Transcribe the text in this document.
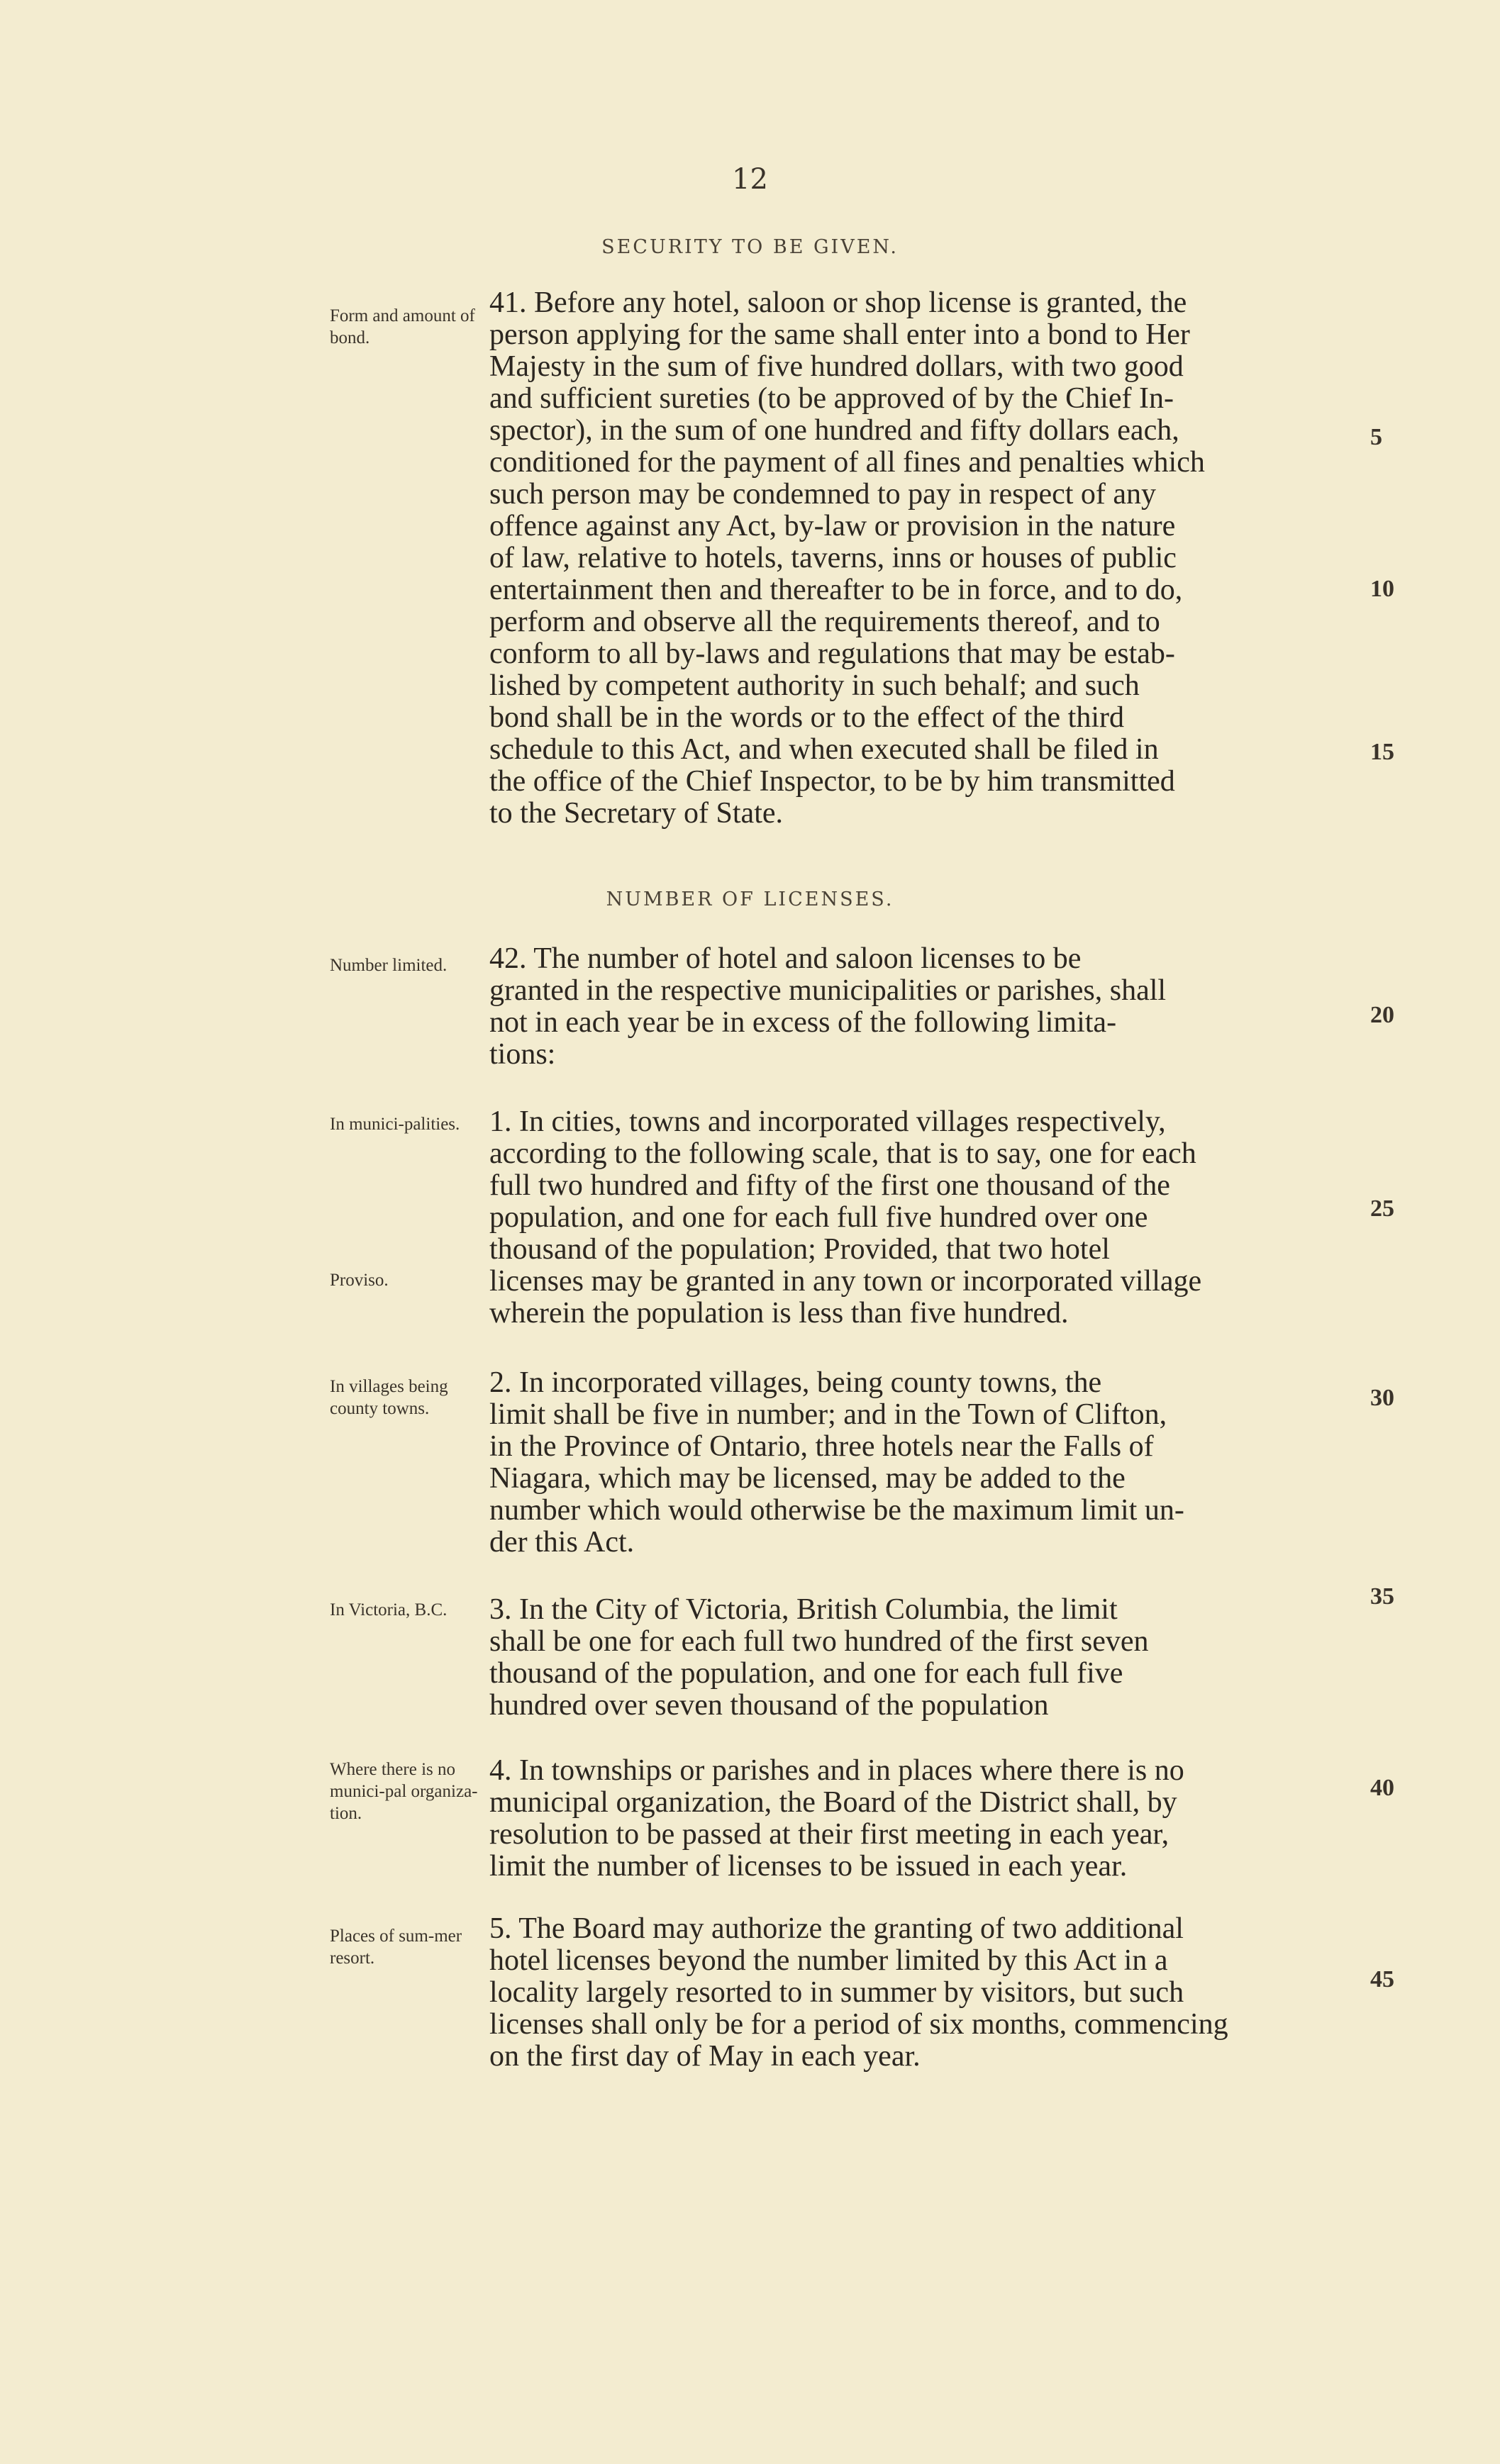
12
SECURITY TO BE GIVEN.
Form and amount of bond.
41. Before any hotel, saloon or shop license is granted, the
person applying for the same shall enter into a bond to Her
Majesty in the sum of five hundred dollars, with two good
and sufficient sureties (to be approved of by the Chief In-
spector), in the sum of one hundred and fifty dollars each,
conditioned for the payment of all fines and penalties which
such person may be condemned to pay in respect of any
offence against any Act, by-law or provision in the nature
of law, relative to hotels, taverns, inns or houses of public
entertainment then and thereafter to be in force, and to do,
perform and observe all the requirements thereof, and to
conform to all by-laws and regulations that may be estab-
lished by competent authority in such behalf; and such
bond shall be in the words or to the effect of the third
schedule to this Act, and when executed shall be filed in
the office of the Chief Inspector, to be by him transmitted
to the Secretary of State.
NUMBER OF LICENSES.
Number limited.	42. The number of hotel and saloon licenses to be
granted in the respective municipalities or parishes, shall
not in each year be in excess of the following limita-
tions:
In munici-palities.
Proviso.
1. In cities, towns and incorporated villages respectively,
according to the following scale, that is to say, one for each
full two hundred and fifty of the first one thousand of the
population, and one for each full five hundred over one
thousand of the population; Provided, that two hotel
licenses may be granted in any town or incorporated village
wherein the population is less than five hundred.
In villages being county towns.
2. In incorporated villages, being county towns, the
limit shall be five in number; and in the Town of Clifton,
in the Province of Ontario, three hotels near the Falls of
Niagara, which may be licensed, may be added to the
number which would otherwise be the maximum limit un-
der this Act.
In Victoria, B.C.	3. In the City of Victoria, British Columbia, the limit
shall be one for each full two hundred of the first seven
thousand of the population, and one for each full five
hundred over seven thousand of the population
Where there is no munici-pal organiza-tion.
4. In townships or parishes and in places where there is no
municipal organization, the Board of the District shall, by
resolution to be passed at their first meeting in each year,
limit the number of licenses to be issued in each year.
Places of sum-mer resort.
5. The Board may authorize the granting of two additional
hotel licenses beyond the number limited by this Act in a
locality largely resorted to in summer by visitors, but such
licenses shall only be for a period of six months, commencing
on the first day of May in each year.
5
10
15
20
25
30
35
40
45
